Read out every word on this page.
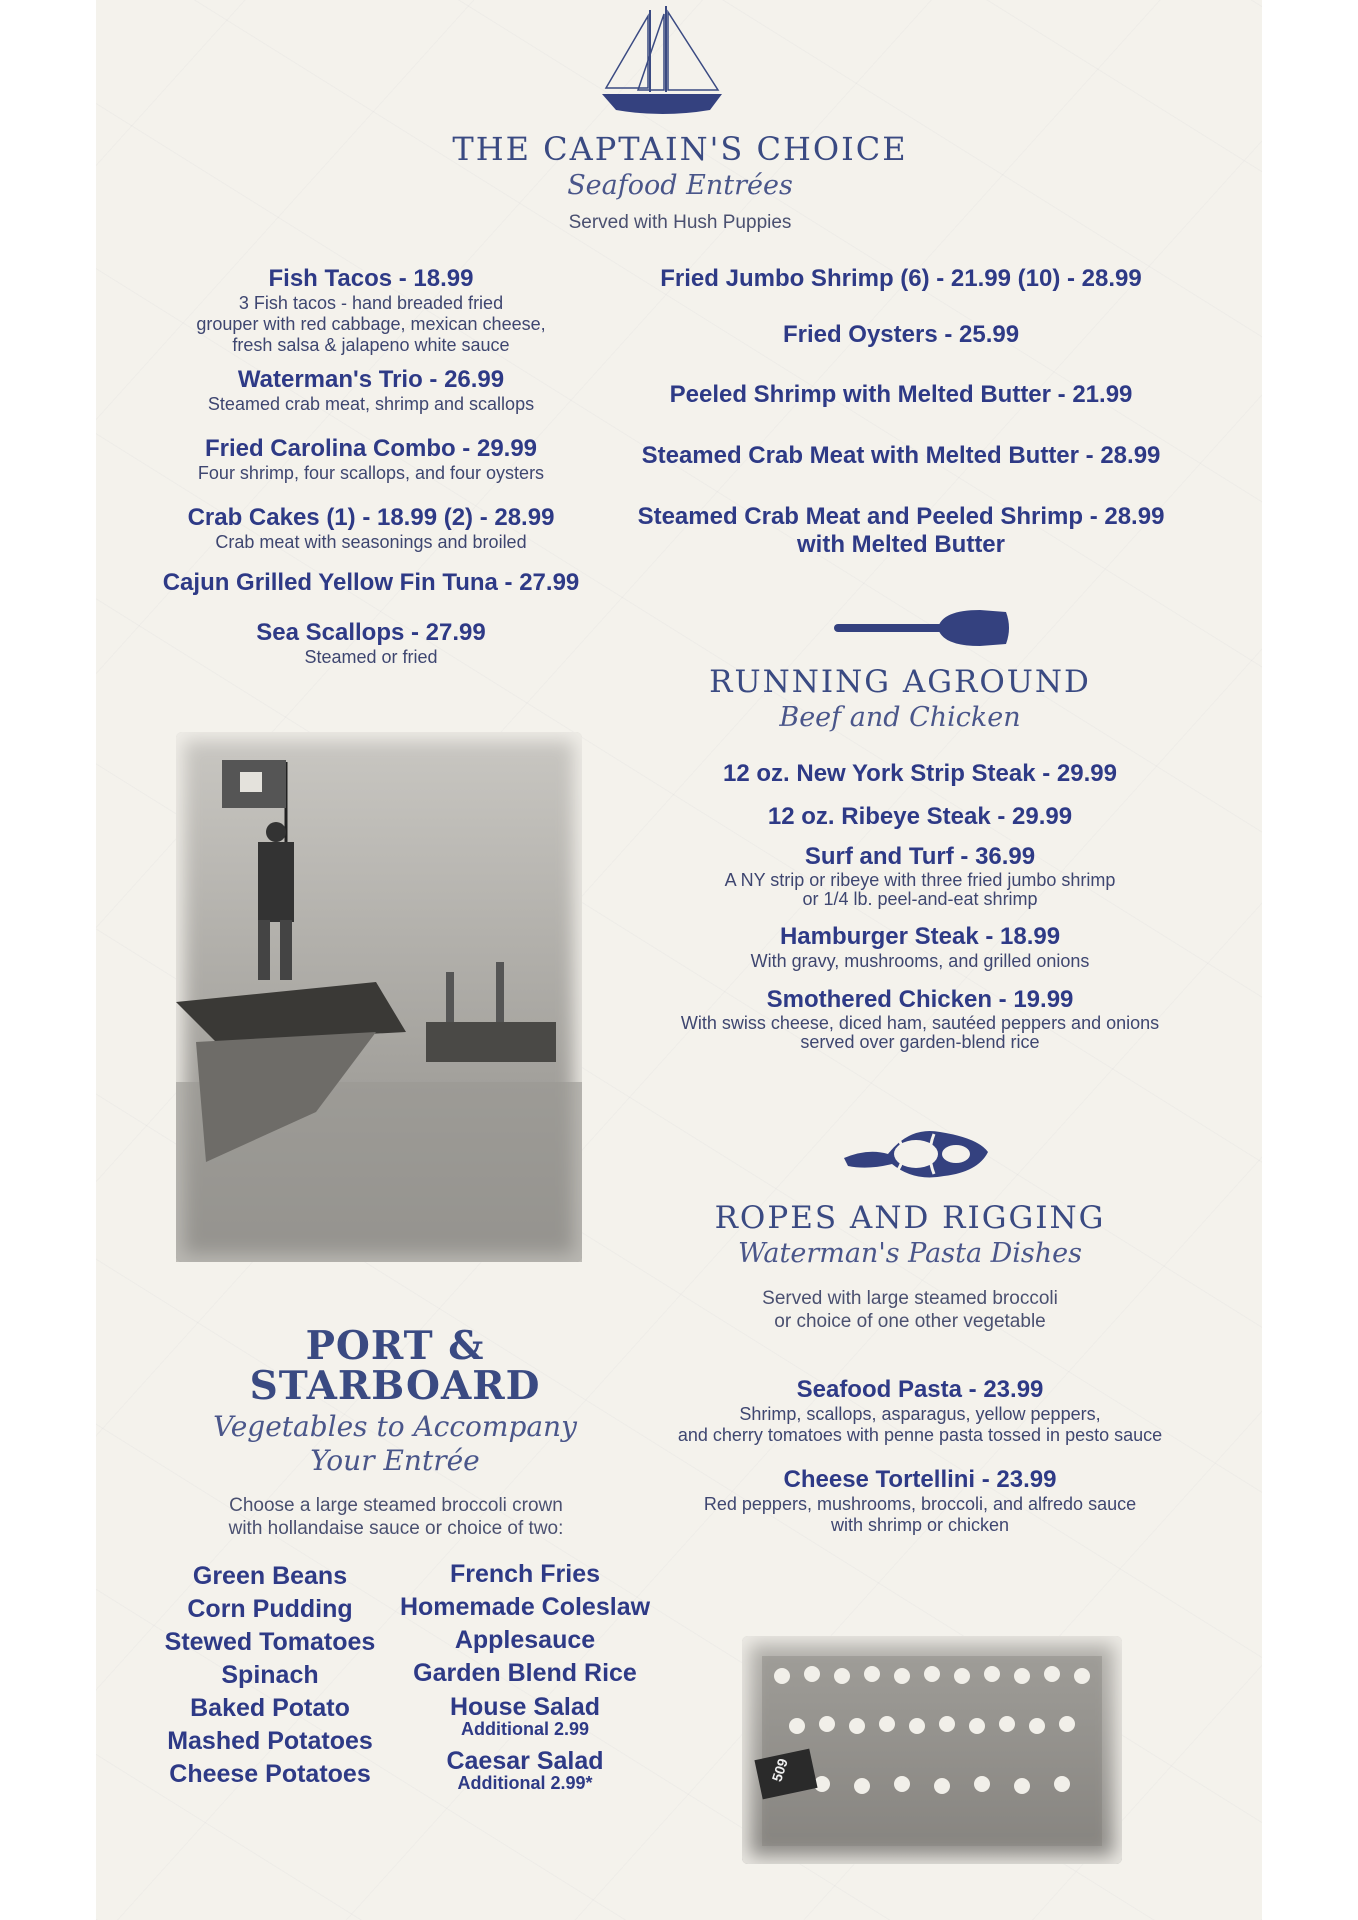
THE CAPTAIN'S CHOICE
Seafood Entrées
Served with Hush Puppies
Fish Tacos - 18.99
3 Fish tacos - hand breaded fried
grouper with red cabbage, mexican cheese,
fresh salsa & jalapeno white sauce
Waterman's Trio - 26.99
Steamed crab meat, shrimp and scallops
Fried Carolina Combo - 29.99
Four shrimp, four scallops, and four oysters
Crab Cakes (1) - 18.99 (2) - 28.99
Crab meat with seasonings and broiled
Cajun Grilled Yellow Fin Tuna - 27.99
Sea Scallops - 27.99
Steamed or fried
Fried Jumbo Shrimp (6) - 21.99 (10) - 28.99
Fried Oysters - 25.99
Peeled Shrimp with Melted Butter - 21.99
Steamed Crab Meat with Melted Butter - 28.99
Steamed Crab Meat and Peeled Shrimp - 28.99
with Melted Butter
RUNNING AGROUND
Beef and Chicken
12 oz. New York Strip Steak - 29.99
12 oz. Ribeye Steak - 29.99
Surf and Turf - 36.99
A NY strip or ribeye with three fried jumbo shrimp
or 1/4 lb. peel-and-eat shrimp
Hamburger Steak - 18.99
With gravy, mushrooms, and grilled onions
Smothered Chicken - 19.99
With swiss cheese, diced ham, sautéed peppers and onions
served over garden-blend rice
ROPES AND RIGGING
Waterman's Pasta Dishes
Served with large steamed broccoli
or choice of one other vegetable
Seafood Pasta - 23.99
Shrimp, scallops, asparagus, yellow peppers,
and cherry tomatoes with penne pasta tossed in pesto sauce
Cheese Tortellini - 23.99
Red peppers, mushrooms, broccoli, and alfredo sauce
with shrimp or chicken
PORT &
STARBOARD
Vegetables to Accompany
Your Entrée
Choose a large steamed broccoli crown
with hollandaise sauce or choice of two:
Green Beans
Corn Pudding
Stewed Tomatoes
Spinach
Baked Potato
Mashed Potatoes
Cheese Potatoes
French Fries
Homemade Coleslaw
Applesauce
Garden Blend Rice
House Salad
Additional 2.99
Caesar Salad
Additional 2.99*	509
